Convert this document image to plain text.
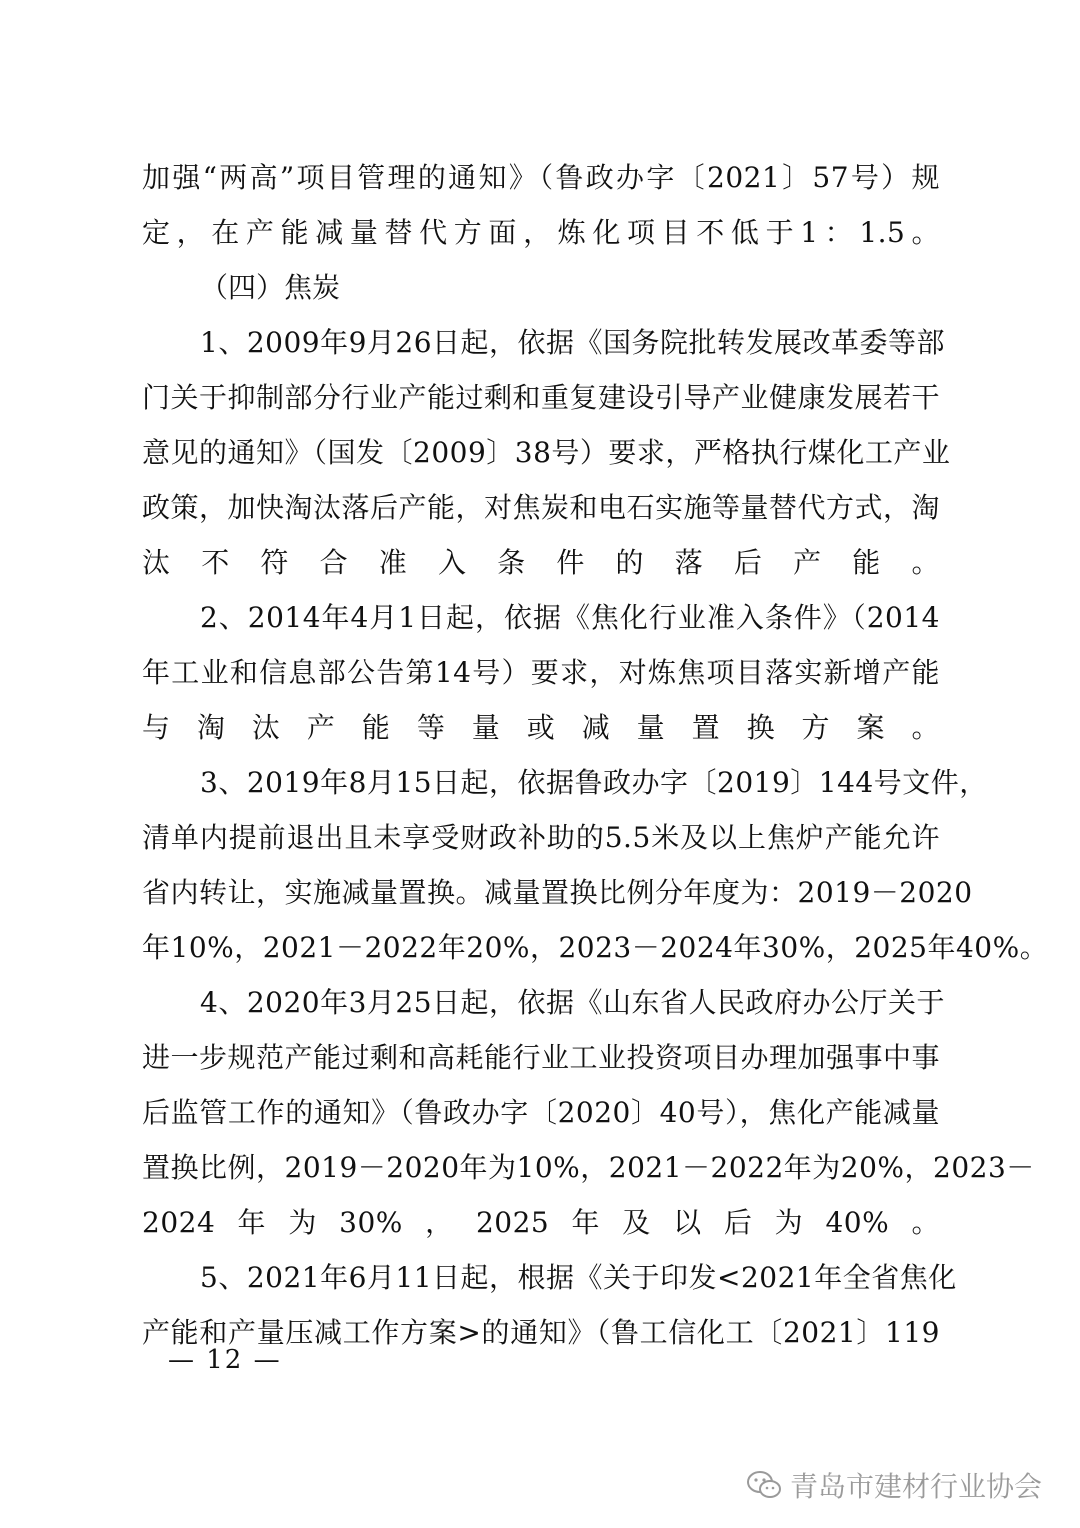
加强“两高”项目管理的通知》（鲁政办字〔2021〕57号）规
定，在产能减量替代方面，炼化项目不低于1：1.5。
（四）焦炭
1、2009年9月26日起，依据《国务院批转发展改革委等部
门关于抑制部分行业产能过剩和重复建设引导产业健康发展若干
意见的通知》（国发〔2009〕38号）要求，严格执行煤化工产业
政策，加快淘汰落后产能，对焦炭和电石实施等量替代方式，淘
汰不符合准入条件的落后产能。
2、2014年4月1日起，依据《焦化行业准入条件》（2014
年工业和信息部公告第14号）要求，对炼焦项目落实新增产能
与淘汰产能等量或减量置换方案。
3、2019年8月15日起，依据鲁政办字〔2019〕144号文件，
清单内提前退出且未享受财政补助的5.5米及以上焦炉产能允许
省内转让，实施减量置换。减量置换比例分年度为：2019－2020
年10%，2021－2022年20%，2023－2024年30%，2025年40%。
4、2020年3月25日起，依据《山东省人民政府办公厅关于
进一步规范产能过剩和高耗能行业工业投资项目办理加强事中事
后监管工作的通知》（鲁政办字〔2020〕40号），焦化产能减量
置换比例，2019－2020年为10%，2021－2022年为20%，2023－
2024年为30%，2025年及以后为40%。
5、2021年6月11日起，根据《关于印发<2021年全省焦化
产能和产量压减工作方案>的通知》（鲁工信化工〔2021〕119
— 12 —
青岛市建材行业协会
